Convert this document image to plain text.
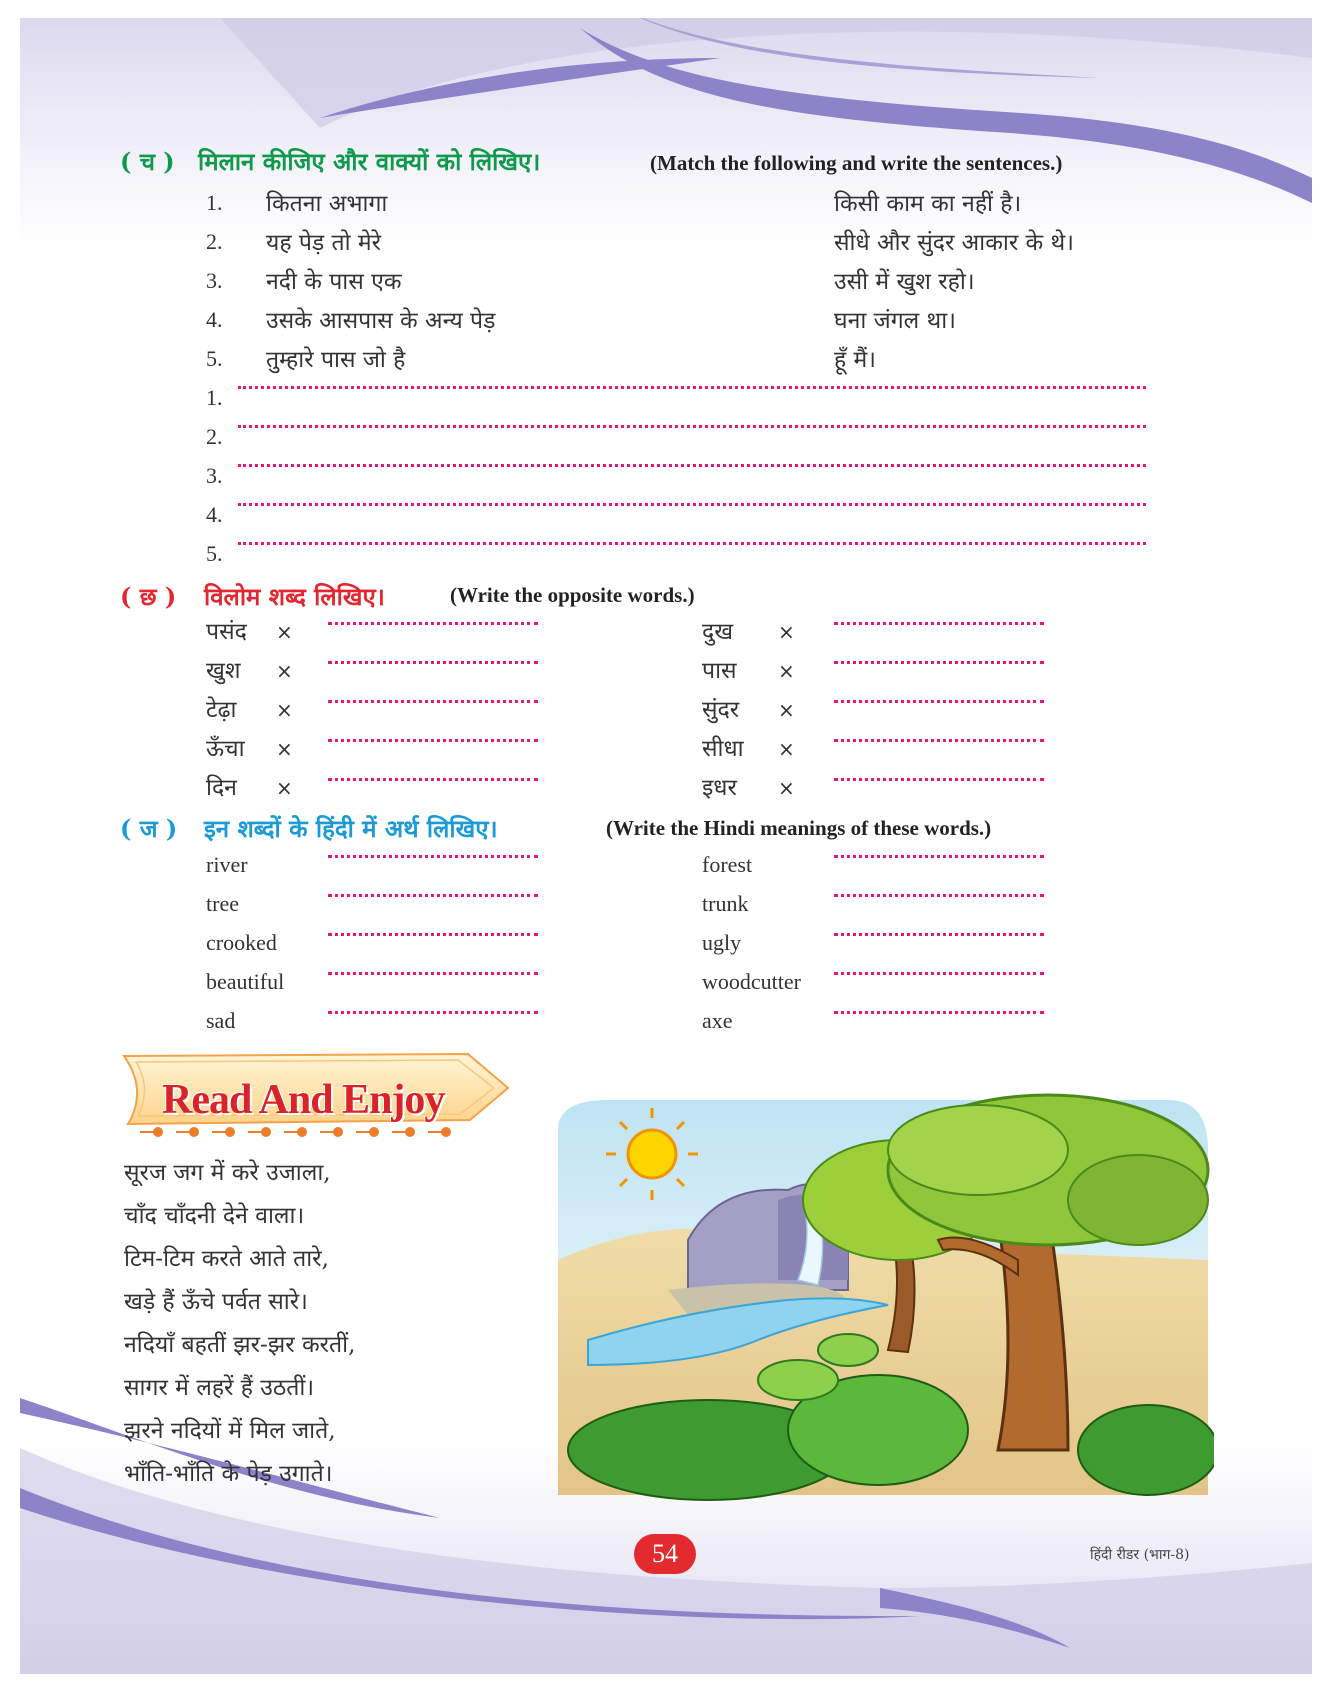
( च ) मिलान कीजिए और वाक्यों को लिखिए।	(Match the following and write the sentences.)
1. कितना अभागा	किसी काम का नहीं है।
2. यह पेड़ तो मेरे	सीधे और सुंदर आकार के थे।
3. नदी के पास एक	उसी में खुश रहो।
4. उसके आसपास के अन्य पेड़	घना जंगल था।
5. तुम्हारे पास जो है	हूँ मैं।
1.
2.
3.
4.
5.
( छ ) विलोम शब्द लिखिए।	(Write the opposite words.)
पसंद ×	दुख ×
खुश ×	पास ×
टेढ़ा ×	सुंदर ×
ऊँचा ×	सीधा ×
दिन ×	इधर ×
( ज ) इन शब्दों के हिंदी में अर्थ लिखिए।	(Write the Hindi meanings of these words.)
river	forest
tree	trunk
crooked	ugly
beautiful	woodcutter
sad	axe
Read And Enjoy
सूरज जग में करे उजाला,
चाँद चाँदनी देने वाला।
टिम-टिम करते आते तारे,
खड़े हैं ऊँचे पर्वत सारे।
नदियाँ बहतीं झर-झर करतीं,
सागर में लहरें हैं उठतीं।
झरने नदियों में मिल जाते,
भाँति-भाँति के पेड़ उगाते।
54	हिंदी रीडर (भाग-8)
